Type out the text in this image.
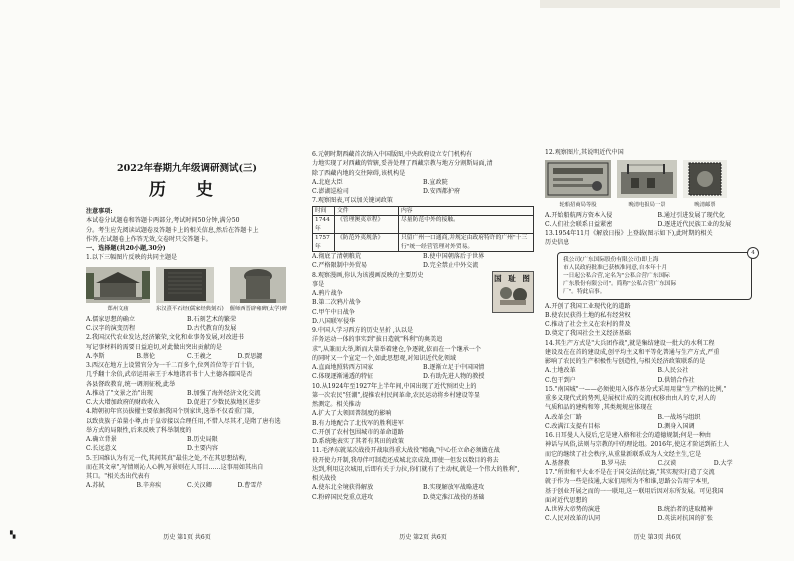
2022年春期九年级调研测试(三)
历 史
注意事项:
本试卷分试题卷和答题卡两部分,考试时间50分钟,满分50
分。考生应先阅读试题卷及答题卡上的相关信息,然后在答题卡上
作答,在试题卷上作答无效,交卷时只交答题卡。
一、选择题(共20小题,30分)
1.以下三幅图片反映的共同主题是
郑州文庙	东汉熹平石经(儒家经典刻石) 偃师西晋辟雍碑(太学)碑
A.儒家思想的确立	B.石刻艺术的繁荣
C.汉字的演变历程	D.古代教育的发展
2.我国汉代农业发达,经济繁荣,文化和业事务发展,对改进书
写记事材料的需要日益迫切,对此做出突出贡献的是
A.李斯	B.蔡伦	C.王羲之	D.贾思勰
3.西汉在地方上设置官分为一千二百多个,位列首位等于百十倍,
几乎翻十余倍,武帝运用亲王于本地诸君书十人主德各郡国是否
各县督政教育,统一调剂征税,此举
A.推动了"文景之治"出现	B.加强了海外经济文化交流
C.大大增加政府的财政收入	D.促进了少数民族地区进步
4.隋朝初年官员拔擢主要依据我国个别家世,选举不仅看重门第,
以致贵族子弟量小尊,由于皇帝接以合理任用,不惜人尽其才,是隋了唐有选
举方式的局限性,后来反映了科举制度的
A.确立背景	B.历史局限
C.长远意义	D.主要内容
5.王国维认为有元一代,其间其真"最佳之处,不在其思想结构,
而在其文章",写情则沁人心脾,写景则在人耳目……这事用如其出自
其口。"相关杰出代表有
A.苏轼	B.辛弃疾	C.关汉卿	D.曹雪芹
历史 第1页 共6页
6.元朝时期西藏首次纳入中国版图,中央政府设立专门机构有
力地实现了对西藏的管辖,妥善处理了西藏宗教与地方分割斯局面,清
除了西藏内地的交往障碍,该机构是
A.北庭大臣	B.宣政院
C.澎湖巡检司	D.安西都护府
7.观察图表,可以加关键词政策
时间	文件	内容
1744年	《管理澳夷章程》	尽量防范中外的接触。
1757年	《防范外夷规条》	只留广州一口通商,并规定由政府特许的广州"十三行"统一经营管理对外贸易。
A.彻底了清朝粮荒	B.使中国朝落后于世界
C.严格限制中外贸易	D.完全禁止中外交流
国 耻 图
8.观察漫画,你认为该漫画反映的主要历史
事是
A.鸦片战争
B.第二次鸦片战争
C.甲午中日战争
D.八国联军侵华
9.中国人学习西方的历史呈折 ,认以是
洋务运动一体的事实到"拔日造就"科利"的奥美追
求",从兼而大举,断而大量举着建仓,争逐就,依而在一个继承一个
的同时又一个宣定一个,如此思想观,对知识近代化领域
A.直面地照转西方国家	B.逐渐立足于中国国情
C.体现逐渐通透的特征	D.有助先进人物的教授
10.从1924年至1927年上半年间,中国出现了近代预团史上的
第一次农民"狂潮",提推农村民间革命,农民运动将乡村建设等显
然测定。相关推动
A.扩大了大领回普制度的影响
B.有力地配合了北伐军的胜利进军
C.开创了农村包围城市的革命道路
D.系统地表实了其者有其田的政策
11.毛泽东就某次战役开战取得重大战役"精确,"中心任立命必须做在战
役开使力开制,我母伴可制造还成城北京成敌,即使一但发以数目的将去
达到,利用这次城用,后即有关于力拉,你们就有了主动权,就是一个伟大的胜利",
相关战役
A.使东北全境获得解放	B.实现解放军战略进攻
C.粉碎国民党重点进攻	D.奠定淮江战役的基础
历史 第2页 共6页
12.观察图片,其说明近代中国
轮船招商局等股	晚清电报局一景	晚清邮票
A.开始船航两方资本入侵	B.通过引进发展了现代化
C.人们社会联系日益紧密	D.逐进近代民族工业的发展
13.1954年11月《解放日报》上登载(图示如下),此时期的相关
历史信息
4
我公司(广东国际股份有限公司)即上海
市人民政府批准已获核准同意,自本年十月
一日起公私合营,定名为"公私合营广东国际
广东股份有限公司"。简称"公私合营广东国际
厂"。特此启事。
A.开创了我国工业现代化的道路
B.使农民获得土地的私有经营权
C.推动了社会主义在农村的普及
D.奠定了我国社会主义经济基础
14.其生产方式是"大兵团作战",就是集结建设一批大的水利工程
建设及在在首的建设成,创平均主义和平等化普通与生产方式,严重
影响了农民的生产积极性与创造性,与相关经济政策联系的是
A.土地改革	B.人民公社
C.包干到户	D.供销合作社
15."南国城"一——必须使用入体作基分式采用用量"生产格的比例,"
重多义现代式的势列,是展权计成的交流(权移由由人的专,对人的
气质和品的建构和筹 ,其类规规应体现在
A.改革会厂路	B.一战场与组织
C.改满江支提有目标	D.测身入国调
16.日耳曼人入侵后,它是建入格和社会的道德规制;何是一种由
神话与风俗,法则与宗教的中的理论组。2016年,使这才阶运到拓土人
而它的继续了社会秩序,从重量新联系成为人文经主生,它是
A.基督教	B.罗马法	C.汉谟	D.大学
17."所世和平大业不是在于国交法的比赛,"其实现实打造了交流
就于作为一些是技通,大家们用所为不和谁,思路公告用宁本里,
基于创业开展之而的一一联用,这一联用后因对东所发展。可见我国
面对近代思想的
A.世界大帝势的演进	B.统治者的进取精神
C.人民对改革的认同	D.英法对抗国的扩张
历史 第3页 共6页
▚
